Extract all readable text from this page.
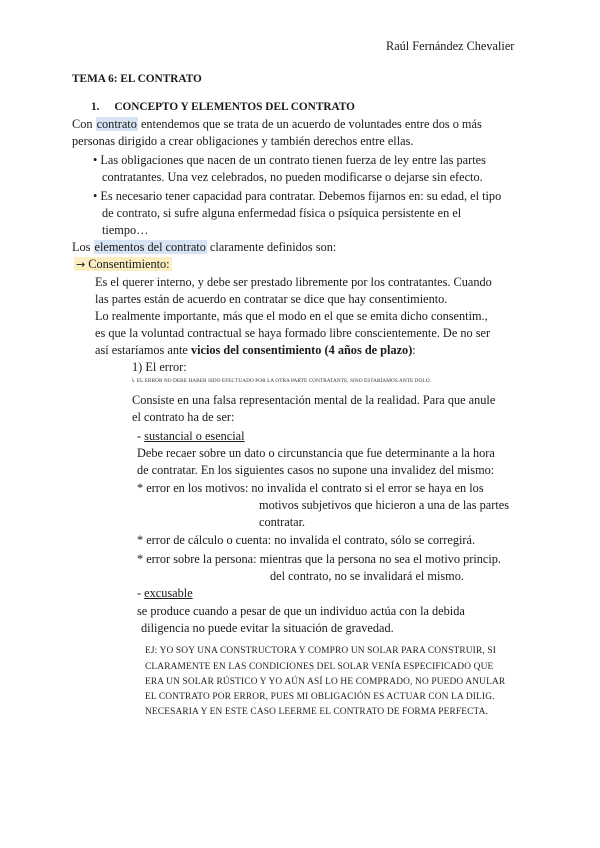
Raúl Fernández Chevalier
TEMA 6: EL CONTRATO
1. CONCEPTO Y ELEMENTOS DEL CONTRATO
Con contrato entendemos que se trata de un acuerdo de voluntades entre dos o más
personas dirigido a crear obligaciones y también derechos entre ellas.
• Las obligaciones que nacen de un contrato tienen fuerza de ley entre las partes
contratantes. Una vez celebrados, no pueden modificarse o dejarse sin efecto.
• Es necesario tener capacidad para contratar. Debemos fijarnos en: su edad, el tipo
de contrato, si sufre alguna enfermedad física o psíquica persistente en el
tiempo…
Los elementos del contrato claramente definidos son:
→ Consentimiento:
Es el querer interno, y debe ser prestado libremente por los contratantes. Cuando
las partes están de acuerdo en contratar se dice que hay consentimiento.
Lo realmente importante, más que el modo en el que se emita dicho consentim.,
es que la voluntad contractual se haya formado libre conscientemente. De no ser
así estaríamos ante vicios del consentimiento (4 años de plazo):
1) El error:
↳ EL ERROR NO DEBE HABER SIDO EFECTUADO POR LA OTRA PARTE CONTRATANTE, SINO ESTARÍAMOS ANTE DOLO.
Consiste en una falsa representación mental de la realidad. Para que anule
el contrato ha de ser:
- sustancial o esencial
Debe recaer sobre un dato o circunstancia que fue determinante a la hora
de contratar. En los siguientes casos no supone una invalidez del mismo:
* error en los motivos: no invalida el contrato si el error se haya en los
motivos subjetivos que hicieron a una de las partes
contratar.
* error de cálculo o cuenta: no invalida el contrato, sólo se corregirá.
* error sobre la persona: mientras que la persona no sea el motivo princip.
del contrato, no se invalidará el mismo.
- excusable
se produce cuando a pesar de que un individuo actúa con la debida
diligencia no puede evitar la situación de gravedad.
EJ: YO SOY UNA CONSTRUCTORA Y COMPRO UN SOLAR PARA CONSTRUIR, SI
CLARAMENTE EN LAS CONDICIONES DEL SOLAR VENÍA ESPECIFICADO QUE
ERA UN SOLAR RÚSTICO Y YO AÚN ASÍ LO HE COMPRADO, NO PUEDO ANULAR
EL CONTRATO POR ERROR, PUES MI OBLIGACIÓN ES ACTUAR CON LA DILIG.
NECESARIA Y EN ESTE CASO LEERME EL CONTRATO DE FORMA PERFECTA.
